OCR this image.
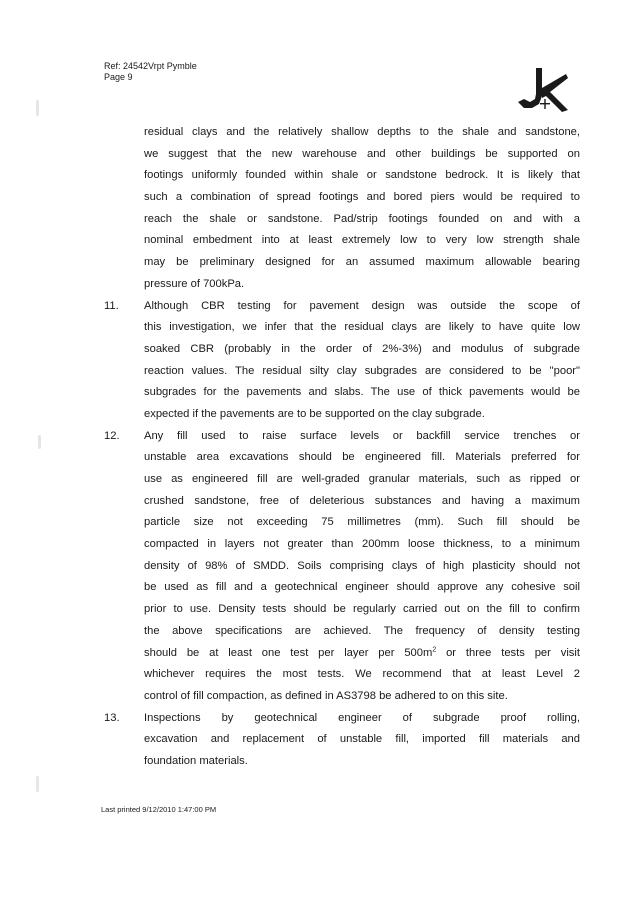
Ref: 24542Vrpt Pymble
Page 9
residual clays and the relatively shallow depths to the shale and sandstone,
we suggest that the new warehouse and other buildings be supported on
footings uniformly founded within shale or sandstone bedrock. It is likely that
such a combination of spread footings and bored piers would be required to
reach the shale or sandstone. Pad/strip footings founded on and with a
nominal embedment into at least extremely low to very low strength shale
may be preliminary designed for an assumed maximum allowable bearing
pressure of 700kPa.
11.	Although CBR testing for pavement design was outside the scope of
this investigation, we infer that the residual clays are likely to have quite low
soaked CBR (probably in the order of 2%-3%) and modulus of subgrade
reaction values. The residual silty clay subgrades are considered to be "poor"
subgrades for the pavements and slabs. The use of thick pavements would be
expected if the pavements are to be supported on the clay subgrade.
12.	Any fill used to raise surface levels or backfill service trenches or
unstable area excavations should be engineered fill. Materials preferred for
use as engineered fill are well-graded granular materials, such as ripped or
crushed sandstone, free of deleterious substances and having a maximum
particle size not exceeding 75 millimetres (mm). Such fill should be
compacted in layers not greater than 200mm loose thickness, to a minimum
density of 98% of SMDD. Soils comprising clays of high plasticity should not
be used as fill and a geotechnical engineer should approve any cohesive soil
prior to use. Density tests should be regularly carried out on the fill to confirm
the above specifications are achieved. The frequency of density testing
should be at least one test per layer per $500m^2$ or three tests per visit
whichever requires the most tests. We recommend that at least Level 2
control of fill compaction, as defined in AS3798 be adhered to on this site.
13.	Inspections by geotechnical engineer of subgrade proof rolling,
excavation and replacement of unstable fill, imported fill materials and
foundation materials.
Last printed 9/12/2010 1:47:00 PM
